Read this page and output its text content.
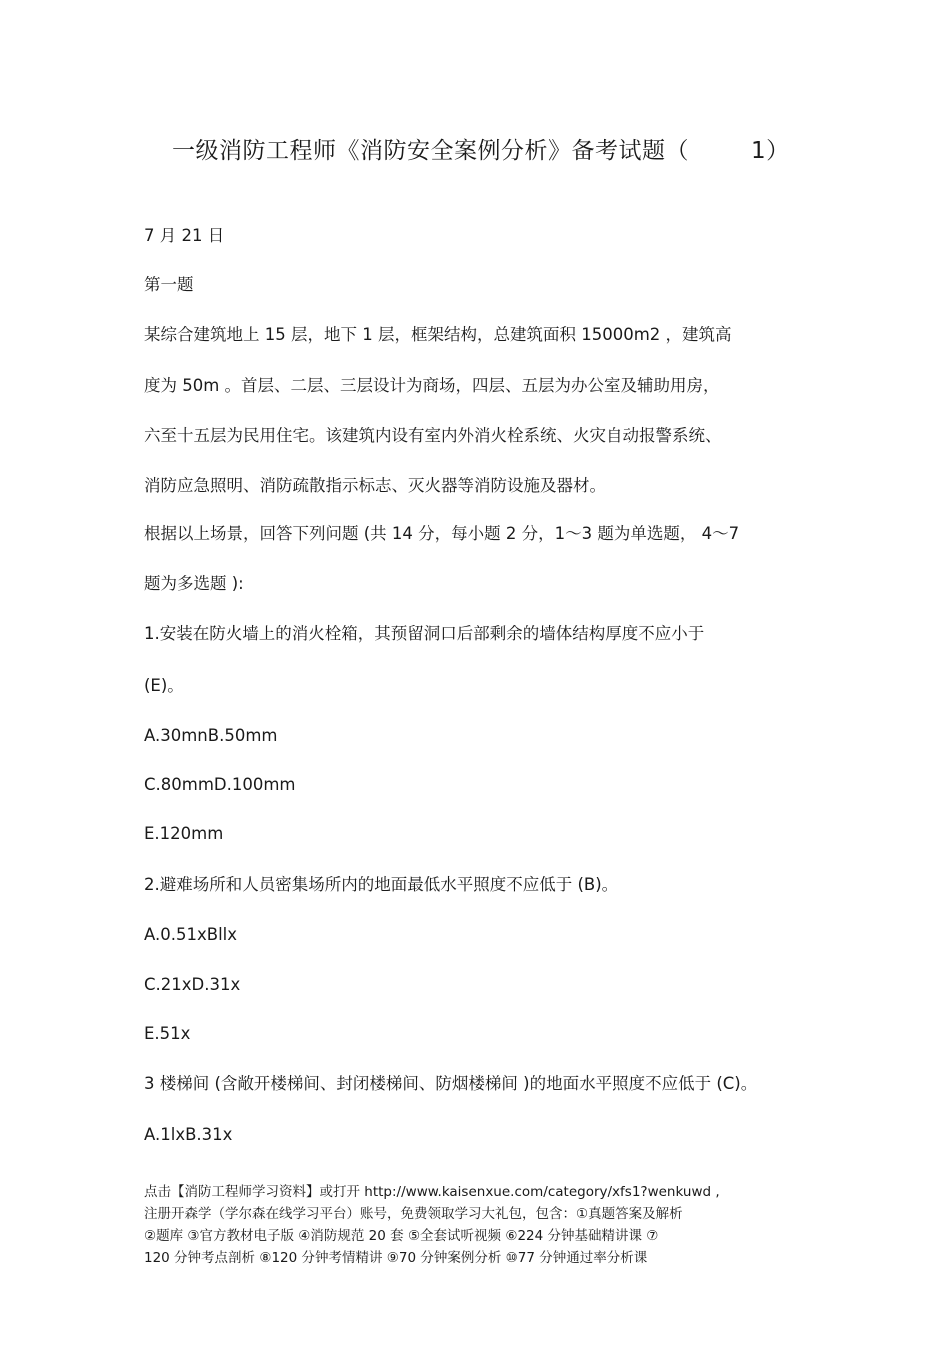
一级消防工程师《消防安全案例分析》备考试题（	1）
7 月 21 日
第一题
某综合建筑地上 15 层，地下 1 层，框架结构，总建筑面积 15000m2 ，建筑高
度为 50m 。首层、二层、三层设计为商场，四层、五层为办公室及辅助用房，
六至十五层为民用住宅。该建筑内设有室内外消火栓系统、火灾自动报警系统、
消防应急照明、消防疏散指示标志、灭火器等消防设施及器材。
根据以上场景，回答下列问题 (共 14 分，每小题 2 分，1～3 题为单选题， 4～7
题为多选题 ):
1.安装在防火墙上的消火栓箱，其预留洞口后部剩余的墙体结构厚度不应小于
(E)。
A.30mnB.50mm
C.80mmD.100mm
E.120mm
2.避难场所和人员密集场所内的地面最低水平照度不应低于 (B)。
A.0.51xBllx
C.21xD.31x
E.51x
3 楼梯间 (含敞开楼梯间、封闭楼梯间、防烟楼梯间 )的地面水平照度不应低于 (C)。
A.1lxB.31x
点击【消防工程师学习资料】或打开 http://www.kaisenxue.com/category/xfs1?wenkuwd ,
注册开森学（学尔森在线学习平台）账号，免费领取学习大礼包，包含：①真题答案及解析
②题库 ③官方教材电子版 ④消防规范 20 套 ⑤全套试听视频 ⑥224 分钟基础精讲课 ⑦
120 分钟考点剖析 ⑧120 分钟考情精讲 ⑨70 分钟案例分析 ⑩77 分钟通过率分析课
